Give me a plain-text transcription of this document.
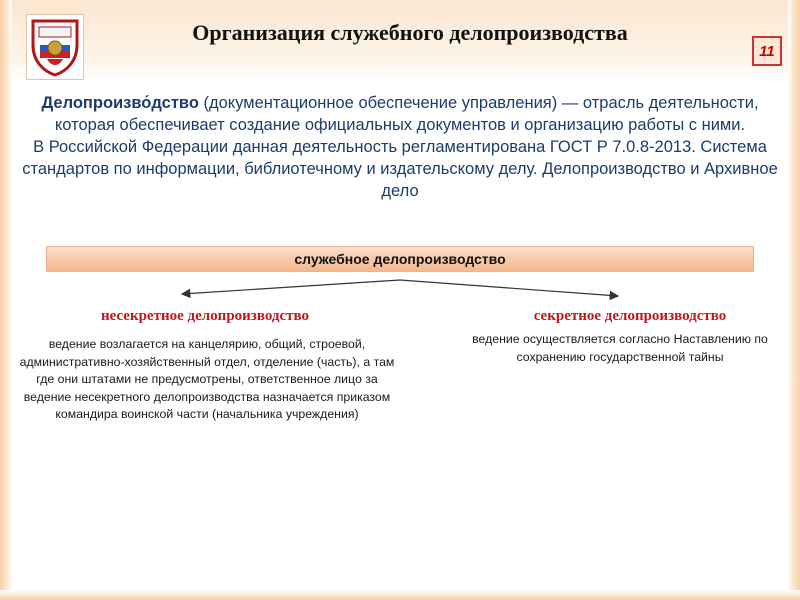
Организация служебного делопроизводства
11
Делопроизво́дство (документационное обеспечение управления) — отрасль деятельности, которая обеспечивает создание официальных документов и организацию работы с ними.
В Российской Федерации данная деятельность регламентирована ГОСТ Р 7.0.8-2013. Система стандартов по информации, библиотечному и издательскому делу. Делопроизводство и Архивное дело
служебное делопроизводство
несекретное делопроизводство
ведение возлагается на канцелярию, общий, строевой, административно-хозяйственный отдел, отделение (часть), а там где они штатами не предусмотрены, ответственное лицо за ведение несекретного делопроизводства назначается приказом командира воинской части (начальника учреждения)
секретное делопроизводство
ведение осуществляется согласно Наставлению по сохранению государственной тайны
